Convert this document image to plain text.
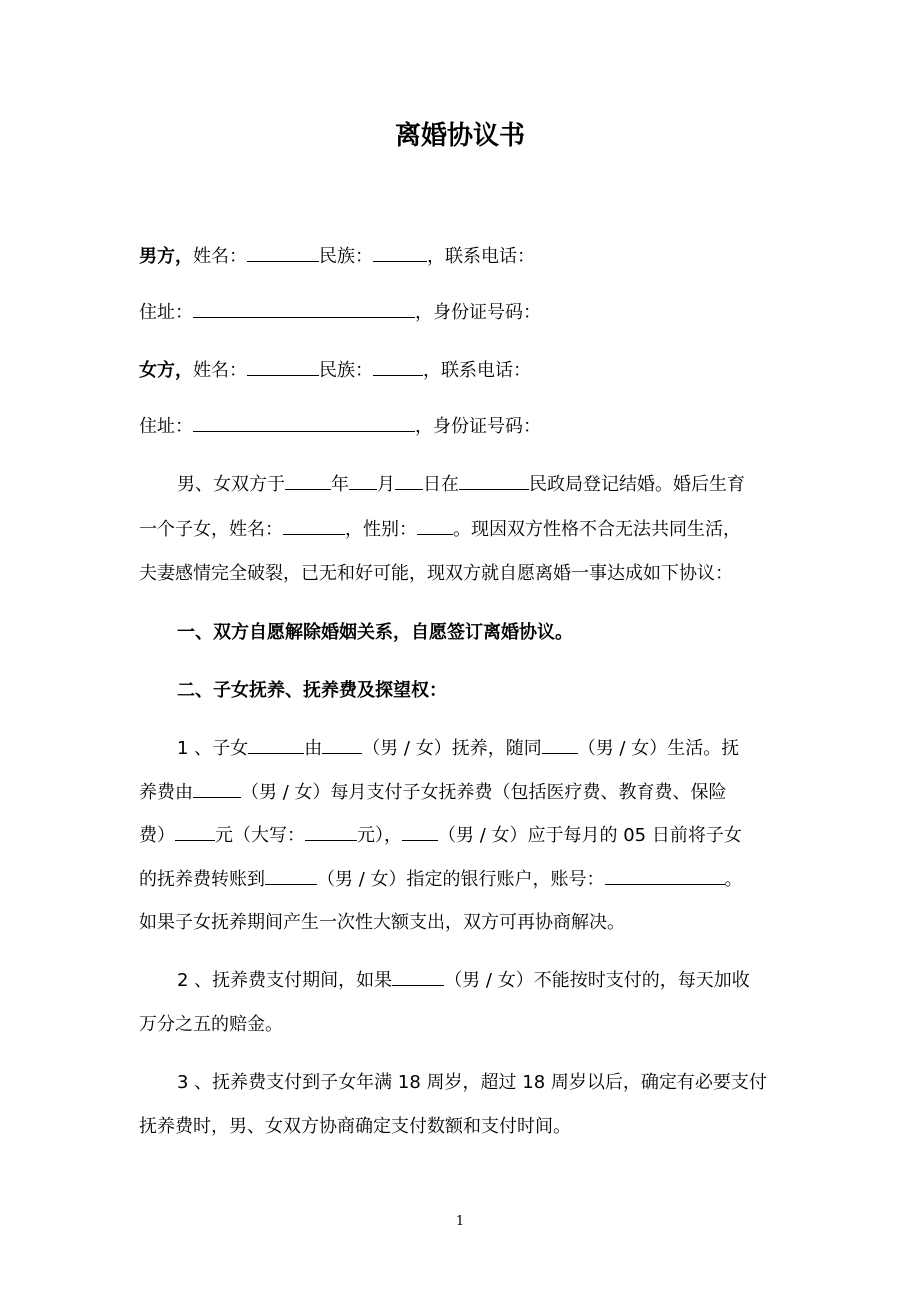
离婚协议书
男方，姓名：	民族：	，联系电话：
住址：	，身份证号码：
女方，姓名：	民族：	，联系电话：
住址：	，身份证号码：
男、女双方于	年 月 日在	民政局登记结婚。婚后生育
一个子女，姓名：	，性别： 。现因双方性格不合无法共同生活，
夫妻感情完全破裂，已无和好可能，现双方就自愿离婚一事达成如下协议：
一、双方自愿解除婚姻关系，自愿签订离婚协议。
二、子女抚养、抚养费及探望权：
1 、子女	由 （男 / 女）抚养，随同 （男 / 女）生活。抚
养费由	（男 / 女）每月支付子女抚养费（包括医疗费、教育费、保险
费） 元（大写：	元）， （男 / 女）应于每月的 05 日前将子女
的抚养费转账到	（男 / 女）指定的银行账户，账号：	。
如果子女抚养期间产生一次性大额支出，双方可再协商解决。
2 、抚养费支付期间，如果	（男 / 女）不能按时支付的，每天加收
万分之五的赔金。
3 、抚养费支付到子女年满 18 周岁，超过 18 周岁以后，确定有必要支付
抚养费时，男、女双方协商确定支付数额和支付时间。
1
